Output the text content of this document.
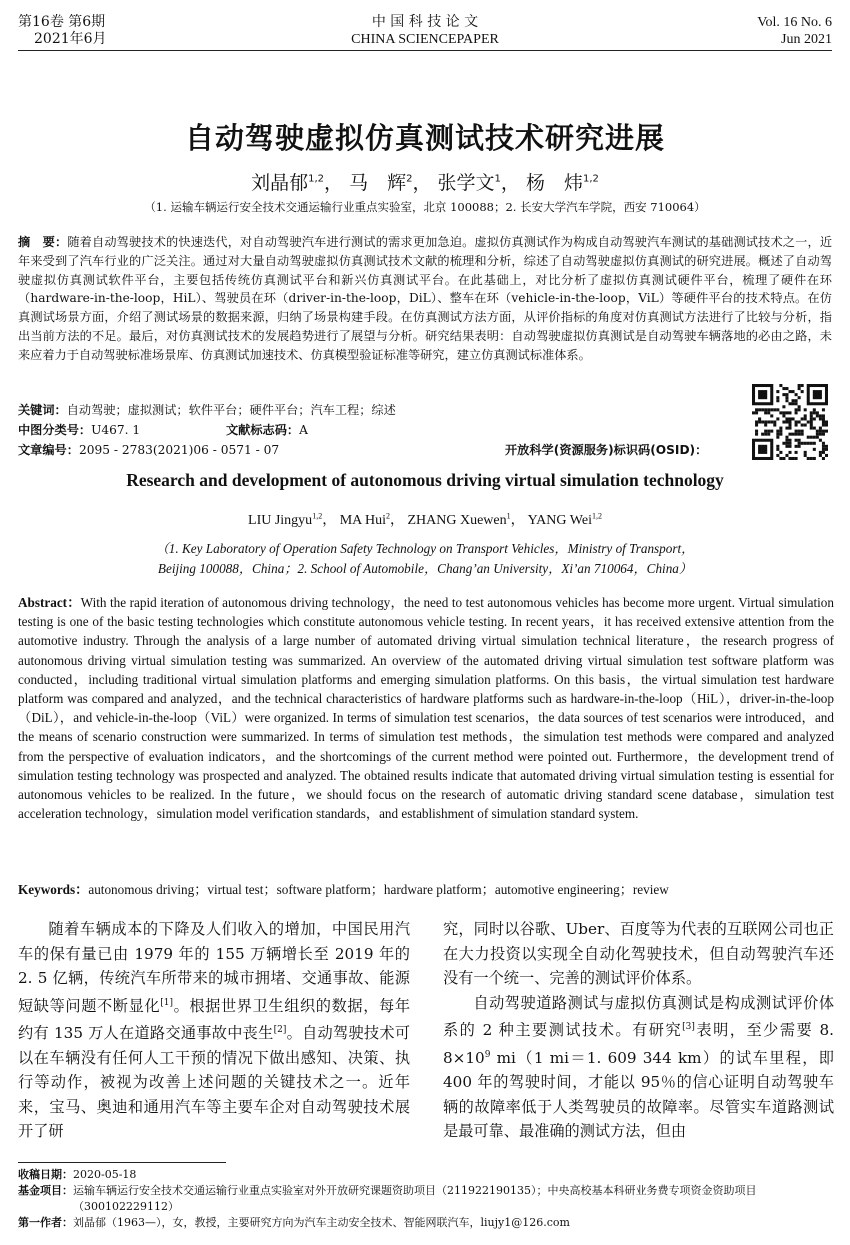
第16卷 第6期
2021年6月
中 国 科 技 论 文
CHINA SCIENCEPAPER
Vol. 16 No. 6
Jun 2021
自动驾驶虚拟仿真测试技术研究进展
刘晶郁$^{1,2}$， 马　辉$^2$， 张学文$^1$， 杨　炜$^{1,2}$
（1. 运输车辆运行安全技术交通运输行业重点实验室，北京 100088；2. 长安大学汽车学院，西安 710064）
摘　要：随着自动驾驶技术的快速迭代，对自动驾驶汽车进行测试的需求更加急迫。虚拟仿真测试作为构成自动驾驶汽车测试的基础测试技术之一，近年来受到了汽车行业的广泛关注。通过对大量自动驾驶虚拟仿真测试技术文献的梳理和分析，综述了自动驾驶虚拟仿真测试的研究进展。概述了自动驾驶虚拟仿真测试软件平台，主要包括传统仿真测试平台和新兴仿真测试平台。在此基础上，对比分析了虚拟仿真测试硬件平台，梳理了硬件在环（hardware-in-the-loop，HiL）、驾驶员在环（driver-in-the-loop，DiL）、整车在环（vehicle-in-the-loop，ViL）等硬件平台的技术特点。在仿真测试场景方面，介绍了测试场景的数据来源，归纳了场景构建手段。在仿真测试方法方面，从评价指标的角度对仿真测试方法进行了比较与分析，指出当前方法的不足。最后，对仿真测试技术的发展趋势进行了展望与分析。研究结果表明：自动驾驶虚拟仿真测试是自动驾驶车辆落地的必由之路，未来应着力于自动驾驶标准场景库、仿真测试加速技术、仿真模型验证标准等研究，建立仿真测试标准体系。
关键词：自动驾驶；虚拟测试；软件平台；硬件平台；汽车工程；综述
中图分类号：U467. 1	文献标志码：A
文章编号：2095 - 2783(2021)06 - 0571 - 07	开放科学(资源服务)标识码(OSID)：
Research and development of autonomous driving virtual simulation technology
LIU Jingyu$^{1,2}$， MA Hui$^2$， ZHANG Xuewen$^1$， YANG Wei$^{1,2}$
（1. Key Laboratory of Operation Safety Technology on Transport Vehicles，Ministry of Transport，
Beijing 100088，China；2. School of Automobile，Chang’an University，Xi’an 710064，China）
Abstract：With the rapid iteration of autonomous driving technology，the need to test autonomous vehicles has become more urgent. Virtual simulation testing is one of the basic testing technologies which constitute autonomous vehicle testing. In recent years，it has received extensive attention from the automotive industry. Through the analysis of a large number of automated driving virtual simulation technical literature，the research progress of autonomous driving virtual simulation testing was summarized. An overview of the automated driving virtual simulation test software platform was conducted，including traditional virtual simulation platforms and emerging simulation platforms. On this basis，the virtual simulation test hardware platform was compared and analyzed，and the technical characteristics of hardware platforms such as hardware-in-the-loop（HiL），driver-in-the-loop（DiL），and vehicle-in-the-loop（ViL）were organized. In terms of simulation test scenarios，the data sources of test scenarios were introduced，and the means of scenario construction were summarized. In terms of simulation test methods，the simulation test methods were compared and analyzed from the perspective of evaluation indicators，and the shortcomings of the current method were pointed out. Furthermore，the development trend of simulation testing technology was prospected and analyzed. The obtained results indicate that automated driving virtual simulation testing is essential for autonomous vehicles to be realized. In the future，we should focus on the research of automatic driving standard scene database，simulation test acceleration technology，simulation model verification standards，and establishment of simulation standard system.
Keywords：autonomous driving；virtual test；software platform；hardware platform；automotive engineering；review
随着车辆成本的下降及人们收入的增加，中国民用汽车的保有量已由 1979 年的 155 万辆增长至 2019 年的 2. 5 亿辆，传统汽车所带来的城市拥堵、交通事故、能源短缺等问题不断显化[1]。根据世界卫生组织的数据，每年约有 135 万人在道路交通事故中丧生[2]。自动驾驶技术可以在车辆没有任何人工干预的情况下做出感知、决策、执行等动作，被视为改善上述问题的关键技术之一。近年来，宝马、奥迪和通用汽车等主要车企对自动驾驶技术展开了研
究，同时以谷歌、Uber、百度等为代表的互联网公司也正在大力投资以实现全自动化驾驶技术，但自动驾驶汽车还没有一个统一、完善的测试评价体系。
自动驾驶道路测试与虚拟仿真测试是构成测试评价体系的 2 种主要测试技术。有研究[3]表明，至少需要 8. $8\times 10^9$ mi（1 mi＝1. 609 344 km）的试车里程，即 400 年的驾驶时间，才能以 95％的信心证明自动驾驶车辆的故障率低于人类驾驶员的故障率。尽管实车道路测试是最可靠、最准确的测试方法，但由
收稿日期：2020-05-18
基金项目： 运输车辆运行安全技术交通运输行业重点实验室对外开放研究课题资助项目（211922190135）；中央高校基本科研业务费专项资金资助项目（300102229112）
第一作者：刘晶郁（1963—），女，教授，主要研究方向为汽车主动安全技术、智能网联汽车，liujy1@126.com
